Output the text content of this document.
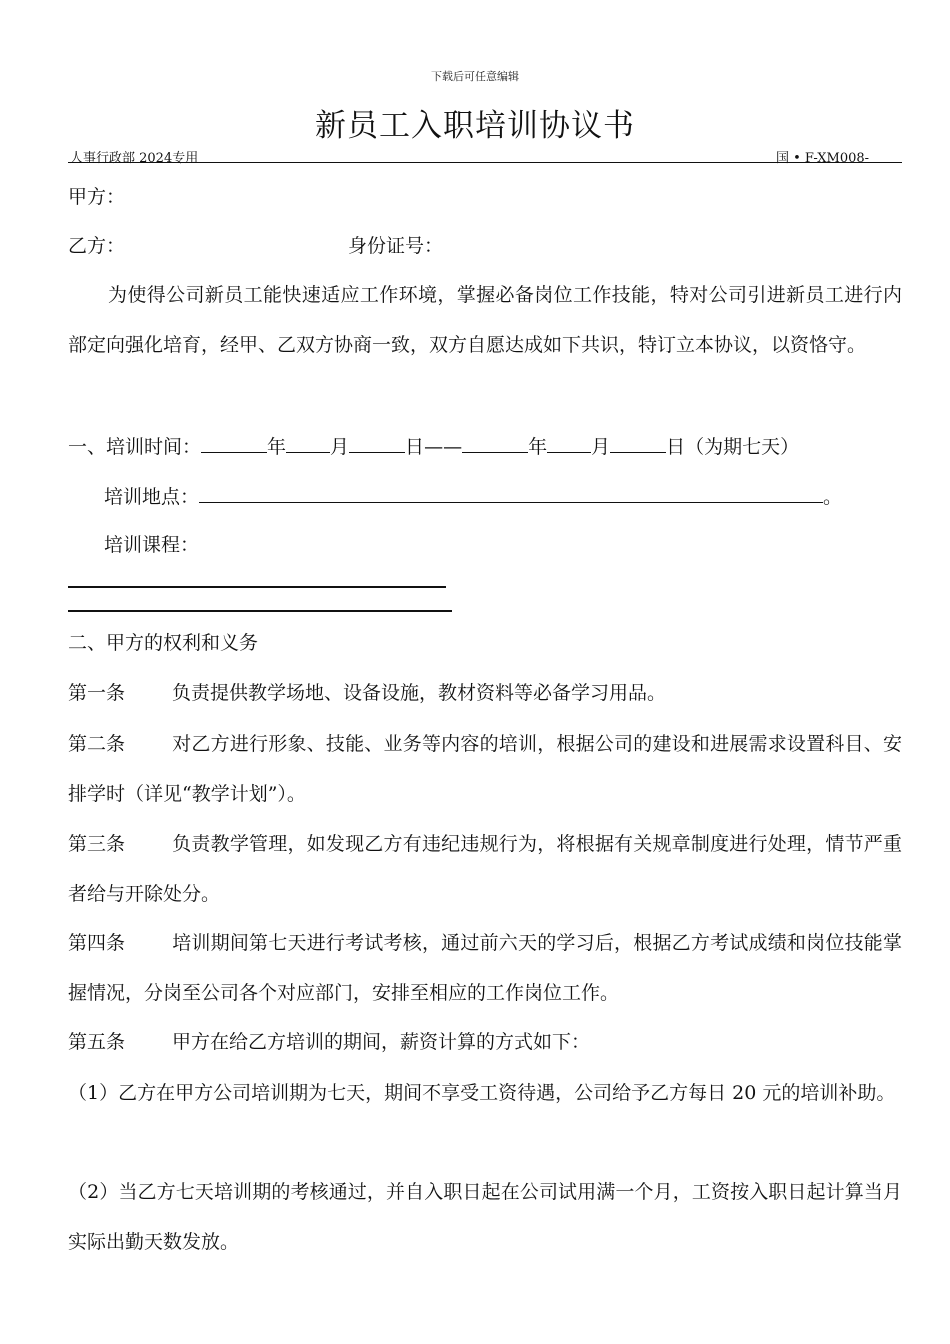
下载后可任意编辑
新员工入职培训协议书
人事行政部 2024专用	国 • F-XM008-
甲方：
乙方：	身份证号：
为使得公司新员工能快速适应工作环境，掌握必备岗位工作技能，特对公司引进新员工进行内部定向强化培育，经甲、乙双方协商一致，双方自愿达成如下共识，特订立本协议，以资恪守。
一、培训时间：	年 月	日——	年 月	日（为期七天）
培训地点：	。
培训课程：
二、甲方的权利和义务
第一条 负责提供教学场地、设备设施，教材资料等必备学习用品。
第二条 对乙方进行形象、技能、业务等内容的培训，根据公司的建设和进展需求设置科目、安排学时（详见“教学计划”）。
第三条 负责教学管理，如发现乙方有违纪违规行为，将根据有关规章制度进行处理，情节严重者给与开除处分。
第四条 培训期间第七天进行考试考核，通过前六天的学习后，根据乙方考试成绩和岗位技能掌握情况，分岗至公司各个对应部门，安排至相应的工作岗位工作。
第五条 甲方在给乙方培训的期间，薪资计算的方式如下：
（1）乙方在甲方公司培训期为七天，期间不享受工资待遇，公司给予乙方每日 20 元的培训补助。
（2）当乙方七天培训期的考核通过，并自入职日起在公司试用满一个月，工资按入职日起计算当月实际出勤天数发放。
